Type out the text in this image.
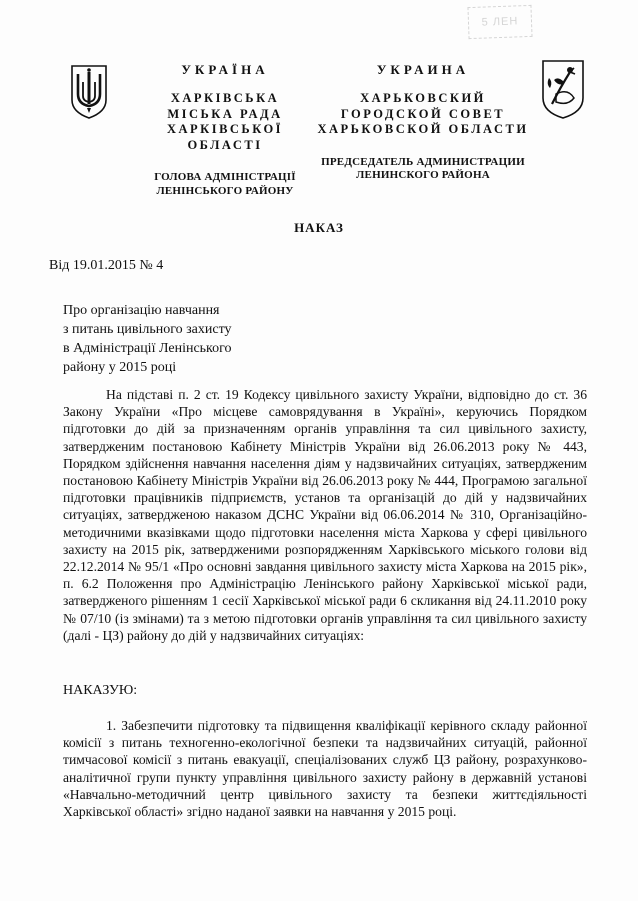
5 ЛЕН
УКРАЇНА
ХАРКІВСЬКА
МІСЬКА РАДА
ХАРКІВСЬКОЇ
ОБЛАСТІ
ГОЛОВА АДМІНІСТРАЦІЇ
ЛЕНІНСЬКОГО РАЙОНУ
УКРАИНА
ХАРЬКОВСКИЙ
ГОРОДСКОЙ СОВЕТ
ХАРЬКОВСКОЙ ОБЛАСТИ
ПРЕДСЕДАТЕЛЬ АДМИНИСТРАЦИИ
ЛЕНИНСКОГО РАЙОНА
НАКАЗ
Від 19.01.2015 № 4
Про організацію навчання
з питань цивільного захисту
в Адміністрації Ленінського
району у 2015 році
На підставі п. 2 ст. 19 Кодексу цивільного захисту України, відповідно до ст. 36 Закону України «Про місцеве самоврядування в Україні», керуючись Порядком підготовки до дій за призначенням органів управління та сил цивільного захисту, затвердженим постановою Кабінету Міністрів України від 26.06.2013 року № 443, Порядком здійснення навчання населення діям у надзвичайних ситуаціях, затвердженим постановою Кабінету Міністрів України від 26.06.2013 року № 444, Програмою загальної підготовки працівників підприємств, установ та організацій до дій у надзвичайних ситуаціях, затвердженою наказом ДСНС України від 06.06.2014 № 310, Організаційно-методичними вказівками щодо підготовки населення міста Харкова у сфері цивільного захисту на 2015 рік, затвердженими розпорядженням Харківського міського голови від 22.12.2014 № 95/1 «Про основні завдання цивільного захисту міста Харкова на 2015 рік», п. 6.2 Положення про Адміністрацію Ленінського району Харківської міської ради, затвердженого рішенням 1 сесії Харківської міської ради 6 скликання від 24.11.2010 року № 07/10 (із змінами) та з метою підготовки органів управління та сил цивільного захисту (далі - ЦЗ) району до дій у надзвичайних ситуаціях:
НАКАЗУЮ:
1. Забезпечити підготовку та підвищення кваліфікації керівного складу районної комісії з питань техногенно-екологічної безпеки та надзвичайних ситуацій, районної тимчасової комісії з питань евакуації, спеціалізованих служб ЦЗ району, розрахунково-аналітичної групи пункту управління цивільного захисту району в державній установі «Навчально-методичний центр цивільного захисту та безпеки життєдіяльності Харківської області» згідно наданої заявки на навчання у 2015 році.
